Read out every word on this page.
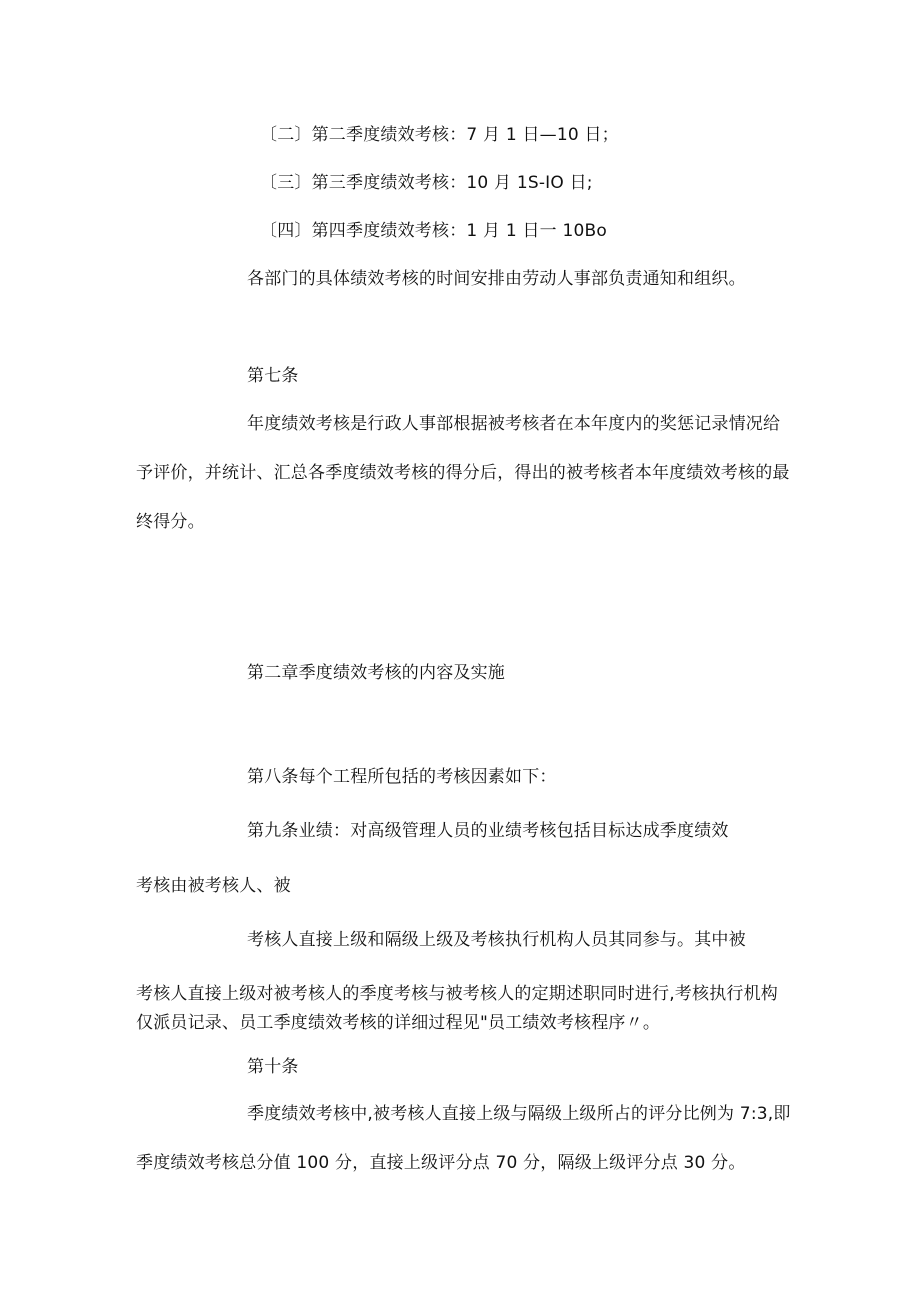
〔二〕第二季度绩效考核：7 月 1 日—10 日；
〔三〕第三季度绩效考核：10 月 1S-IO 日;
〔四〕第四季度绩效考核：1 月 1 日一 10Bo
各部门的具体绩效考核的时间安排由劳动人事部负责通知和组织。
第七条
年度绩效考核是行政人事部根据被考核者在本年度内的奖惩记录情况给
予评价，并统计、汇总各季度绩效考核的得分后，得出的被考核者本年度绩效考核的最
终得分。
第二章季度绩效考核的内容及实施
第八条每个工程所包括的考核因素如下：
第九条业绩：对高级管理人员的业绩考核包括目标达成季度绩效
考核由被考核人、被
考核人直接上级和隔级上级及考核执行机构人员其同参与。其中被
考核人直接上级对被考核人的季度考核与被考核人的定期述职同时进行,考核执行机构
仅派员记录、员工季度绩效考核的详细过程见"员工绩效考核程序〃。
第十条
季度绩效考核中,被考核人直接上级与隔级上级所占的评分比例为 7:3,即
季度绩效考核总分值 100 分，直接上级评分点 70 分，隔级上级评分点 30 分。
